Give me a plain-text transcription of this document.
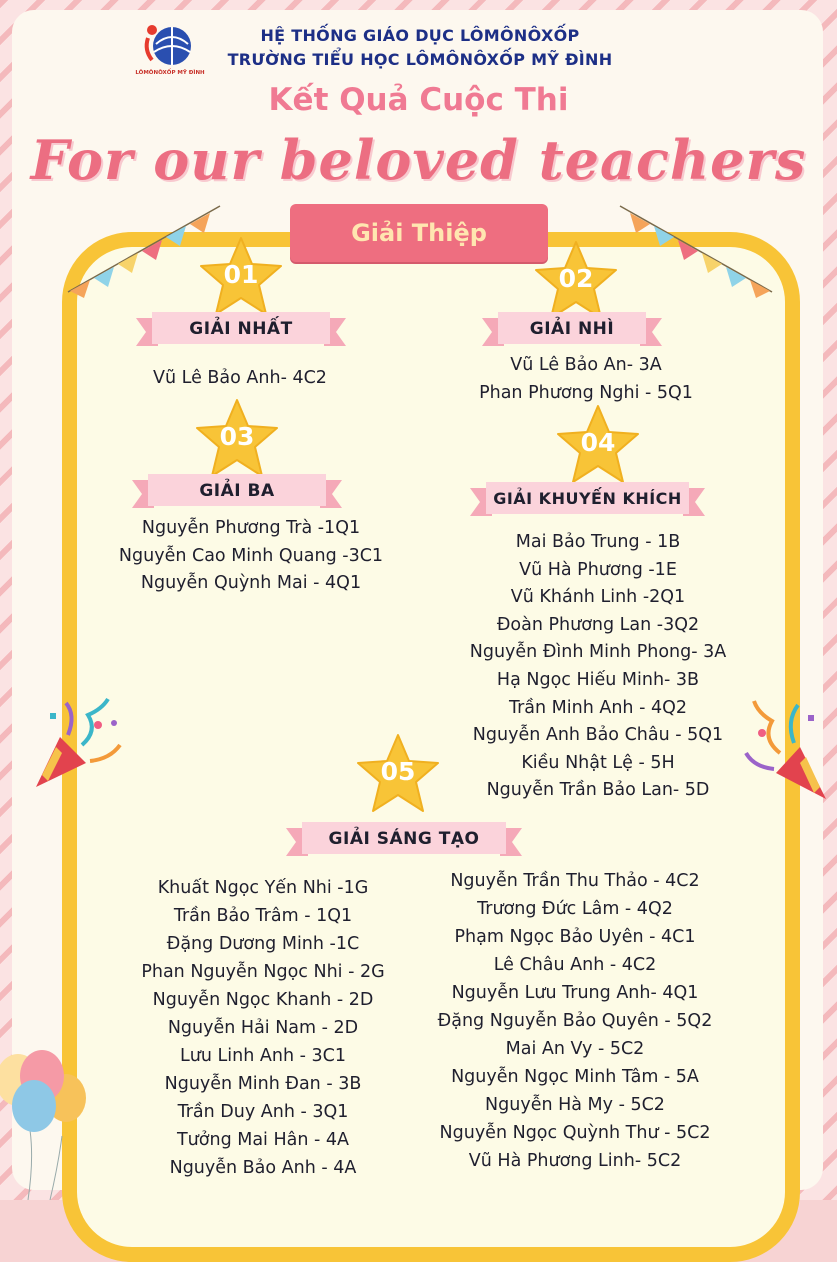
LÔMÔNÔXỐP MỸ ĐÌNH
HỆ THỐNG GIÁO DỤC LÔMÔNÔXỐP
TRƯỜNG TIỂU HỌC LÔMÔNÔXỐP MỸ ĐÌNH
Kết Quả Cuộc Thi
For our beloved teachers
Giải Thiệp
01
GIẢI NHẤT
Vũ Lê Bảo Anh- 4C2
02
GIẢI NHÌ
Vũ Lê Bảo An- 3A
Phan Phương Nghi - 5Q1
03
GIẢI BA
Nguyễn Phương Trà -1Q1
Nguyễn Cao Minh Quang -3C1
Nguyễn Quỳnh Mai - 4Q1
04
GIẢI KHUYẾN KHÍCH
Mai Bảo Trung - 1B
Vũ Hà Phương -1E
Vũ Khánh Linh -2Q1
Đoàn Phương Lan -3Q2
Nguyễn Đình Minh Phong- 3A
Hạ Ngọc Hiếu Minh- 3B
Trần Minh Anh - 4Q2
Nguyễn Anh Bảo Châu - 5Q1
Kiều Nhật Lệ - 5H
Nguyễn Trần Bảo Lan- 5D
05
GIẢI SÁNG TẠO
Khuất Ngọc Yến Nhi -1G
Trần Bảo Trâm - 1Q1
Đặng Dương Minh -1C
Phan Nguyễn Ngọc Nhi - 2G
Nguyễn Ngọc Khanh - 2D
Nguyễn Hải Nam - 2D
Lưu Linh Anh - 3C1
Nguyễn Minh Đan - 3B
Trần Duy Anh - 3Q1
Tưởng Mai Hân - 4A
Nguyễn Bảo Anh - 4A
Nguyễn Trần Thu Thảo - 4C2
Trương Đức Lâm - 4Q2
Phạm Ngọc Bảo Uyên - 4C1
Lê Châu Anh - 4C2
Nguyễn Lưu Trung Anh- 4Q1
Đặng Nguyễn Bảo Quyên - 5Q2
Mai An Vy - 5C2
Nguyễn Ngọc Minh Tâm - 5A
Nguyễn Hà My - 5C2
Nguyễn Ngọc Quỳnh Thư - 5C2
Vũ Hà Phương Linh- 5C2
